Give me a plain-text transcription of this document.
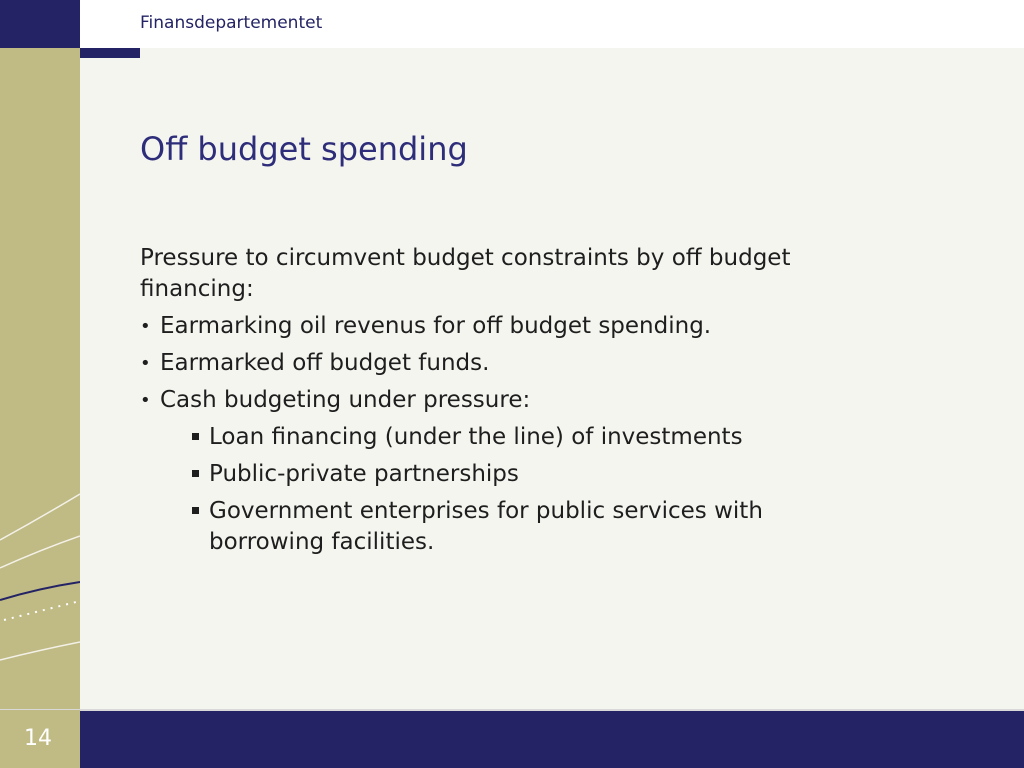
Finansdepartementet
14
Off budget spending
Pressure to circumvent budget constraints by off budget financing:
• Earmarking oil revenus for off budget spending.
• Earmarked off budget funds.
• Cash budgeting under pressure:
Loan financing (under the line) of investments
Public-private partnerships
Government enterprises for public services with borrowing facilities.
